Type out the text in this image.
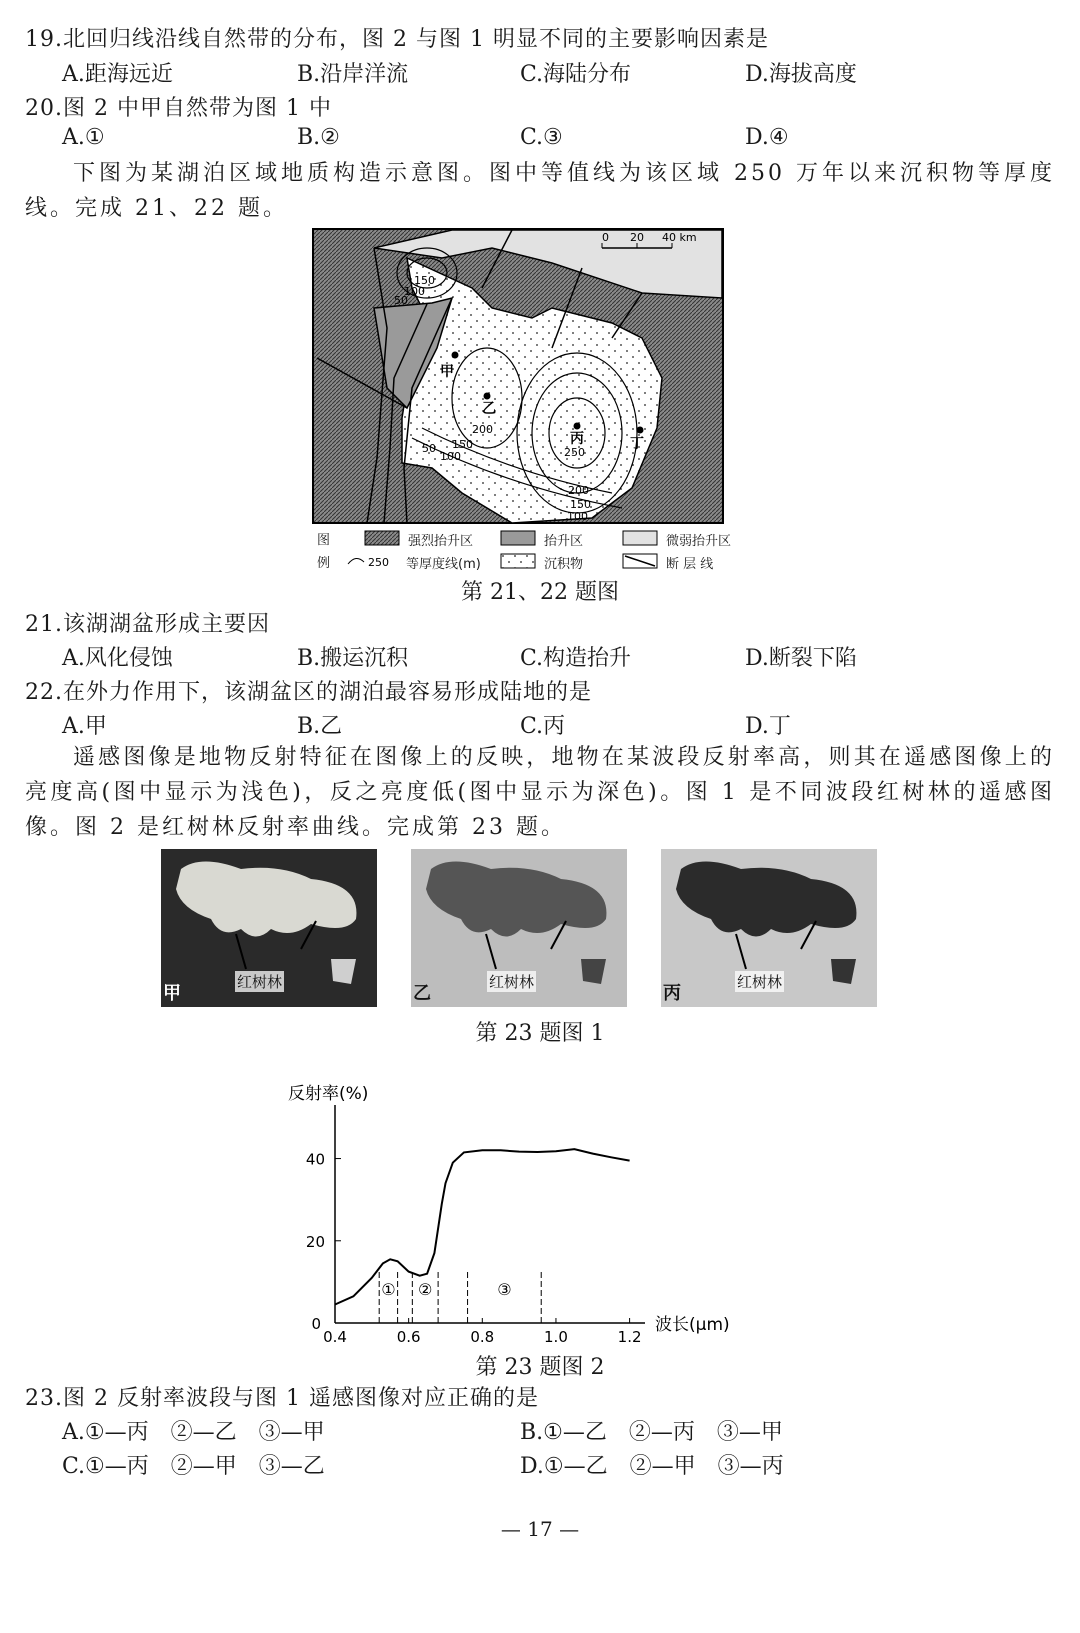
19.北回归线沿线自然带的分布，图 2 与图 1 明显不同的主要影响因素是
A.距海远近	B.沿岸洋流	C.海陆分布	D.海拔高度
20.图 2 中甲自然带为图 1 中
A.①	B.②	C.③	D.④
下图为某湖泊区域地质构造示意图。图中等值线为该区域 250 万年以来沉积物等厚度线。完成 21、22 题。
0 20 40 km
150
100
50
200
150
100
50	250
200
150
100
甲
乙
丙	丁
图
例
强烈抬升区	抬升区	微弱抬升区
250 等厚度线(m)	沉积物	断 层 线
第 21、22 题图
21.该湖湖盆形成主要因
A.风化侵蚀	B.搬运沉积	C.构造抬升	D.断裂下陷
22.在外力作用下，该湖盆区的湖泊最容易形成陆地的是
A.甲	B.乙	C.丙	D.丁
遥感图像是地物反射特征在图像上的反映，地物在某波段反射率高，则其在遥感图像上的亮度高(图中显示为浅色)，反之亮度低(图中显示为深色)。图 1 是不同波段红树林的遥感图像。图 2 是红树林反射率曲线。完成第 23 题。
红树林
甲
红树林
乙
红树林
丙
第 23 题图 1
反射率(%)
波长(μm)
① ②	③
0.4	0.6	0.8	1.0	1.2
20
40
0
第 23 题图 2
23.图 2 反射率波段与图 1 遥感图像对应正确的是
A.①—丙　②—乙　③—甲	B.①—乙　②—丙　③—甲
C.①—丙　②—甲　③—乙	D.①—乙　②—甲　③—丙
— 17 —
